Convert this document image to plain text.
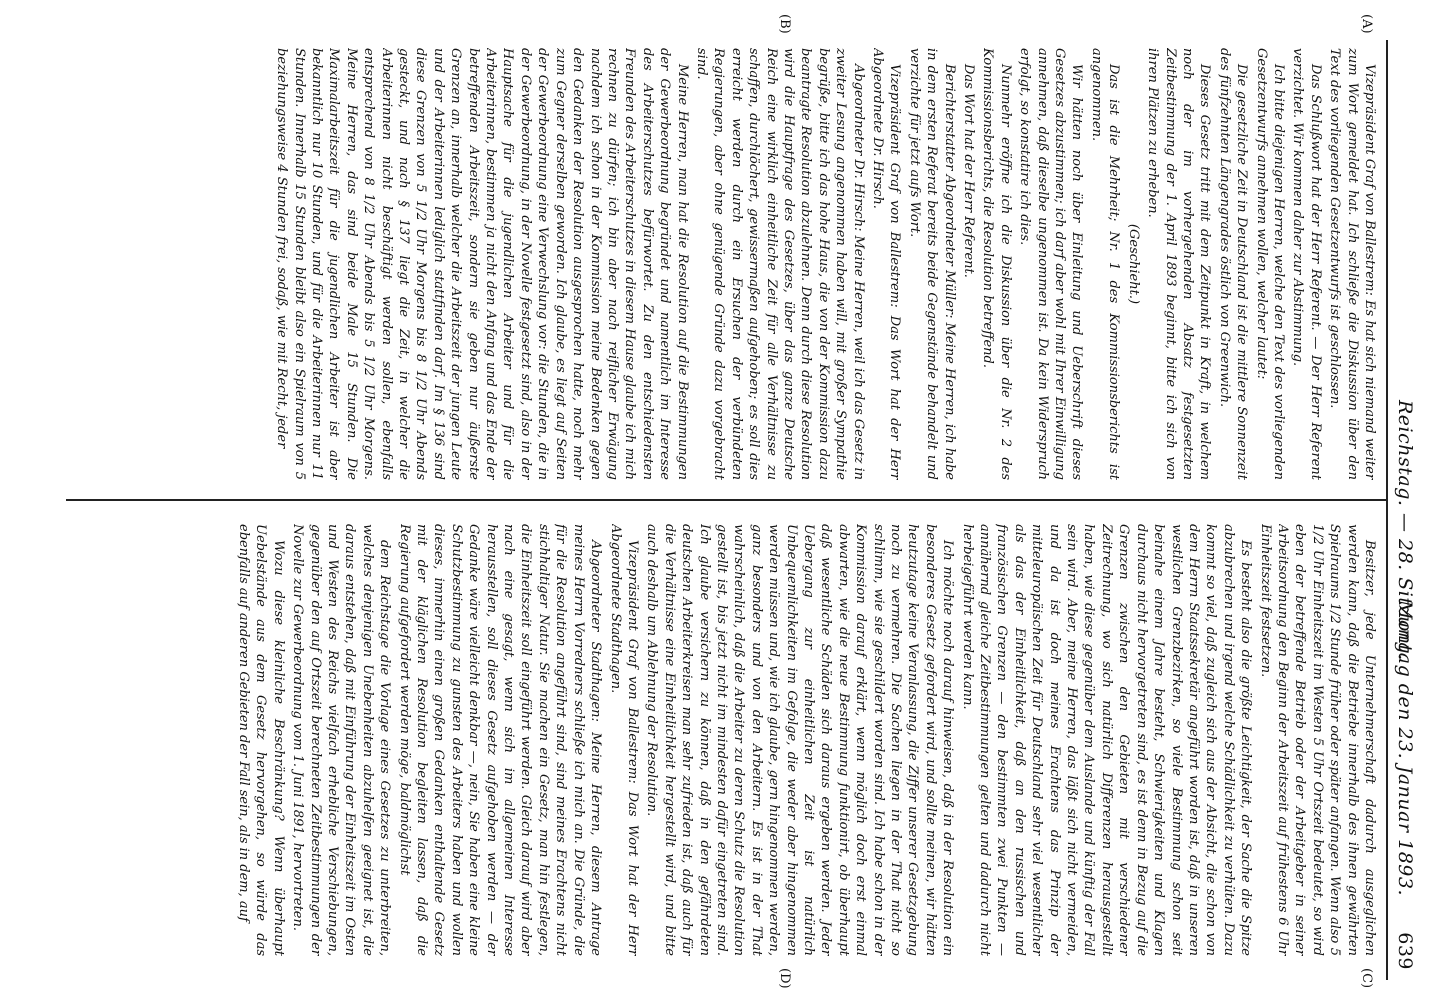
Reichstag. — 28. Sitzung.
Montag den 23. Januar 1893.
639
(A)
(B)
(C)
(D)

Vizepräsident Graf von Ballestrem: Es hat sich niemand weiter zum Wort gemeldet hat. Ich schließe die Diskussion über den Text des vorliegenden Gesetzentwurfs ist geschlossen.

Das Schlußwort hat der Herr Referent. — Der Herr Referent verzichtet. Wir kommen daher zur Abstimmung.

Ich bitte diejenigen Herren, welche den Text des vorliegenden Gesetzentwurfs annehmen wollen, welcher lautet:

Die gesetzliche Zeit in Deutschland ist die mittlere Sonnenzeit des fünfzehnten Längengrades östlich von Greenwich.

Dieses Gesetz tritt mit dem Zeitpunkt in Kraft, in welchem noch der im vorhergehenden Absatz festgesetzten Zeitbestimmung der 1. April 1893 beginnt, bitte ich sich von ihren Plätzen zu erheben.

(Geschieht.)

Das ist die Mehrheit; Nr. 1 des Kommissionsberichts ist angenommen.

Wir hätten noch über Einleitung und Ueberschrift dieses Gesetzes abzustimmen; ich darf aber wohl mit Ihrer Einwilligung annehmen, daß dieselbe ungenommen ist. Da kein Widerspruch erfolgt, so konstatire ich dies.

Nunmehr eröffne ich die Diskussion über die Nr. 2 des Kommissionsberichts, die Resolution betreffend.

Das Wort hat der Herr Referent.

Berichterstatter Abgeordneter Müller: Meine Herren, ich habe in dem ersten Referat bereits beide Gegenstände behandelt und verzichte für jetzt aufs Wort.

Vizepräsident Graf von Ballestrem: Das Wort hat der Herr Abgeordnete Dr. Hirsch.

Abgeordneter Dr. Hirsch: Meine Herren, weil ich das Gesetz in zweiter Lesung angenommen haben will, mit großer Sympathie begrüße, bitte ich das hohe Haus, die von der Kommission dazu beantragte Resolution abzulehnen. Denn durch diese Resolution wird die Hauptfrage des Gesetzes, über das ganze Deutsche Reich eine wirklich einheitliche Zeit für alle Verhältnisse zu schaffen, durchlöchert, gewissermaßen aufgehoben; es soll dies erreicht werden durch ein Ersuchen der verbündeten Regierungen, aber ohne genügende Gründe dazu vorgebracht sind.

Meine Herren, man hat die Resolution auf die Bestimmungen der Gewerbeordnung begründet und namentlich im Interesse des Arbeiterschutzes befürwortet. Zu den entschiedensten Freunden des Arbeiterschutzes in diesem Hause glaube ich mich rechnen zu dürfen; ich bin aber nach reiflicher Erwägung nachdem ich schon in der Kommission meine Bedenken gegen den Gedanken der Resolution ausgesprochen hatte, noch mehr zum Gegner derselben geworden. Ich glaube, es liegt auf Seiten der Gewerbeordnung eine Verwechslung vor: die Stunden, die in der Gewerbeordnung, in der Novelle festgesetzt sind, also in der Hauptsache für die jugendlichen Arbeiter und für die Arbeiterinnen, bestimmen ja nicht den Anfang und das Ende der betreffenden Arbeitszeit, sondern sie geben nur äußerste Grenzen an, innerhalb welcher die Arbeitszeit der jungen Leute und der Arbeiterinnen lediglich stattfinden darf. Im § 136 sind diese Grenzen von 5 1/2 Uhr Morgens bis 8 1/2 Uhr Abends gesteckt, und nach § 137 liegt die Zeit, in welcher die Arbeiterinnen nicht beschäftigt werden sollen, ebenfalls entsprechend von 8 1/2 Uhr Abends bis 5 1/2 Uhr Morgens. Meine Herren, das sind beide Male 15 Stunden. Die Maximalarbeitszeit für die jugendlichen Arbeiter ist aber bekanntlich nur 10 Stunden, und für die Arbeiterinnen nur 11 Stunden. Innerhalb 15 Stunden bleibt also ein Spielraum von 5 beziehungsweise 4 Stunden frei, sodaß, wie mit Recht, jeder

Besitzer, jede Unternehmerschaft dadurch ausgeglichen werden kann, daß die Betriebe innerhalb des ihnen gewährten Spielraums 1/2 Stunde früher oder später anfangen. Wenn also 5 1/2 Uhr Einheitszeit im Westen 5 Uhr Ortszeit bedeutet, so wird eben der betreffende Betrieb oder der Arbeitgeber in seiner Arbeitsordnung den Beginn der Arbeitszeit auf frühestens 6 Uhr Einheitszeit festsetzen.

Es besteht also die größte Leichtigkeit, der Sache die Spitze abzubrechen und irgend welche Schädlichkeit zu verhüten. Dazu kommt so viel, daß zugleich sich aus der Absicht, die schon von dem Herrn Staatssekretär angeführt worden ist, daß in unseren westlichen Grenzbezirken, so viele Bestimmung schon seit beinahe einem Jahre besteht, Schwierigkeiten und Klagen durchaus nicht hervorgetreten sind, es ist denn in Bezug auf die Grenzen zwischen den Gebieten mit verschiedener Zeitrechnung, wo sich natürlich Differenzen herausgestellt haben, wie diese gegenüber dem Auslande und künftig der Fall sein wird. Aber, meine Herren, das läßt sich nicht vermeiden, und da ist doch meines Erachtens das Prinzip der mitteleuropäischen Zeit für Deutschland sehr viel wesentlicher als das der Einheitlichkeit, daß an den russischen und französischen Grenzen — den bestimmten zwei Punkten — annähernd gleiche Zeitbestimmungen gelten und dadurch nicht herbeigeführt werden kann.

Ich möchte noch darauf hinweisen, daß in der Resolution ein besonderes Gesetz gefordert wird, und sollte meinen, wir hätten heutzutage keine Veranlassung, die Ziffer unserer Gesetzgebung noch zu vermehren. Die Sachen liegen in der That nicht so schlimm, wie sie geschildert worden sind. Ich habe schon in der Kommission darauf erklärt, wenn möglich doch erst einmal abwarten, wie die neue Bestimmung funktionirt, ob überhaupt daß wesentliche Schäden sich daraus ergeben werden. Jeder Uebergang zur einheitlichen Zeit ist natürlich Unbequemlichkeiten im Gefolge, die weder aber hingenommen werden müssen und, wie ich glaube, gern hingenommen werden, ganz besonders und von den Arbeitern. Es ist in der That wahrscheinlich, daß die Arbeiter zu deren Schutz die Resolution gestellt ist, bis jetzt nicht im mindesten dafür eingetreten sind. Ich glaube versichern zu können, daß in den gefährdeten deutschen Arbeiterkreisen man sehr zufrieden ist, daß auch für die Verhältnisse eine Einheitlichkeit hergestellt wird, und bitte auch deshalb um Ablehnung der Resolution.

Vizepräsident Graf von Ballestrem: Das Wort hat der Herr Abgeordnete Stadthagen.

Abgeordneter Stadthagen: Meine Herren, diesem Antrage meines Herrn Vorredners schließe ich mich an. Die Gründe, die für die Resolution angeführt sind, sind meines Erachtens nicht stichhaltiger Natur. Sie machen ein Gesetz, man hin festlegen, die Einheitszeit soll eingeführt werden. Gleich darauf wird aber nach eine gesagt, wenn sich im allgemeinen Interesse herausstellen, soll dieses Gesetz aufgehoben werden — der Gedanke wäre vielleicht denkbar —, nein, Sie haben eine kleine Schutzbestimmung zu gunsten des Arbeiters haben und wollen dieses, immerhin einen großen Gedanken enthaltende Gesetz mit der kläglichen Resolution begleiten lassen, daß die Regierung aufgefordert werden möge, baldmöglichst

dem Reichstage die Vorlage eines Gesetzes zu unterbreiten, welches denjenigen Unebenheiten abzuhelfen geeignet ist, die daraus entstehen, daß mit Einführung der Einheitszeit im Osten und Westen des Reichs vielfach erhebliche Verschiebungen, gegenüber den auf Ortszeit berechneten Zeitbestimmungen der Novelle zur Gewerbeordnung vom 1. Juni 1891, hervortreten.

Wozu diese kleinliche Beschränkung? Wenn überhaupt Uebelstände aus dem Gesetz hervorgehen, so würde das ebenfalls auf anderen Gebieten der Fall sein, als in dem, auf
